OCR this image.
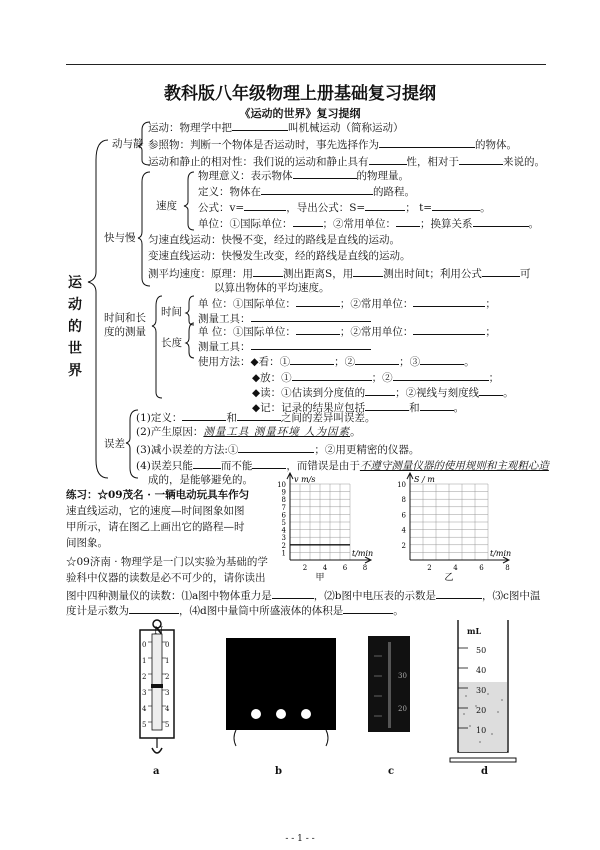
教科版八年级物理上册基础复习提纲
《运动的世界》复习提纲
运
动
的
世
界
动与静
运动：物理学中把	叫机械运动（简称运动）
参照物：判断一个物体是否运动时，事先选择作为	的物体。
运动和静止的相对性：我们说的运动和静止具有	性，相对于	来说的。
快与慢
速度
物理意义：表示物体	的物理量。
定义：物体在	的路程。
公式：v=	，导出公式：S=	； t=	。
单位：①国际单位：	；②常用单位： ；换算关系	。
匀速直线运动：快慢不变，经过的路线是直线的运动。
变速直线运动：快慢发生改变，经的路线是直线的运动。
测平均速度：原理：用	测出距离S，用	测出时间t；利用公式	可
以算出物体的平均速度。
时间和长
度的测量
时间
长度
单 位：①国际单位：	；②常用单位：	；
测量工具：
单 位：①国际单位：	；②常用单位：	；
测量工具：
使用方法：◆看：①	；②	；③	。
◆放：①	；②	；
◆读：①估读到分度值的	；②视线与刻度线 。
◆记：记录的结果应包括	和	。
误差
(1)定义：	和	之间的差异叫误差。
(2)产生原因：测量工具 测量环境 人为因素。
(3)减小误差的方法:①	；②用更精密的仪器。
(4)误差只能	而不能	，而错误是由于不遵守测量仪器的使用规则和主观粗心造
成的，是能够避免的。
练习：☆09茂名 · 一辆电动玩具车作匀
速直线运动，它的速度—时间图象如图
甲所示，请在图乙上画出它的路程—时
间图象。
☆09济南 · 物理学是一门以实验为基础的学
验科中仪器的读数是必不可少的，请你读出
图中四种测量仪的读数：⑴a图中物体重力是	，⑵b图中电压表的示数是	，⑶c图中温
度计是示数为	，⑷d图中量筒中所盛液体的体积是	。
1
2
3
4
5
6
7
8
9
10
2 4 6 8
v m/s
t/min
甲
2
4
6
8
10
2	4	6	8
S / m
t/min
乙
N
0
1
2
3
4
5
0
1
2
3
4
5
30
20
mL
50
40
30
20
10
a	b	c	d
- - 1 - -
